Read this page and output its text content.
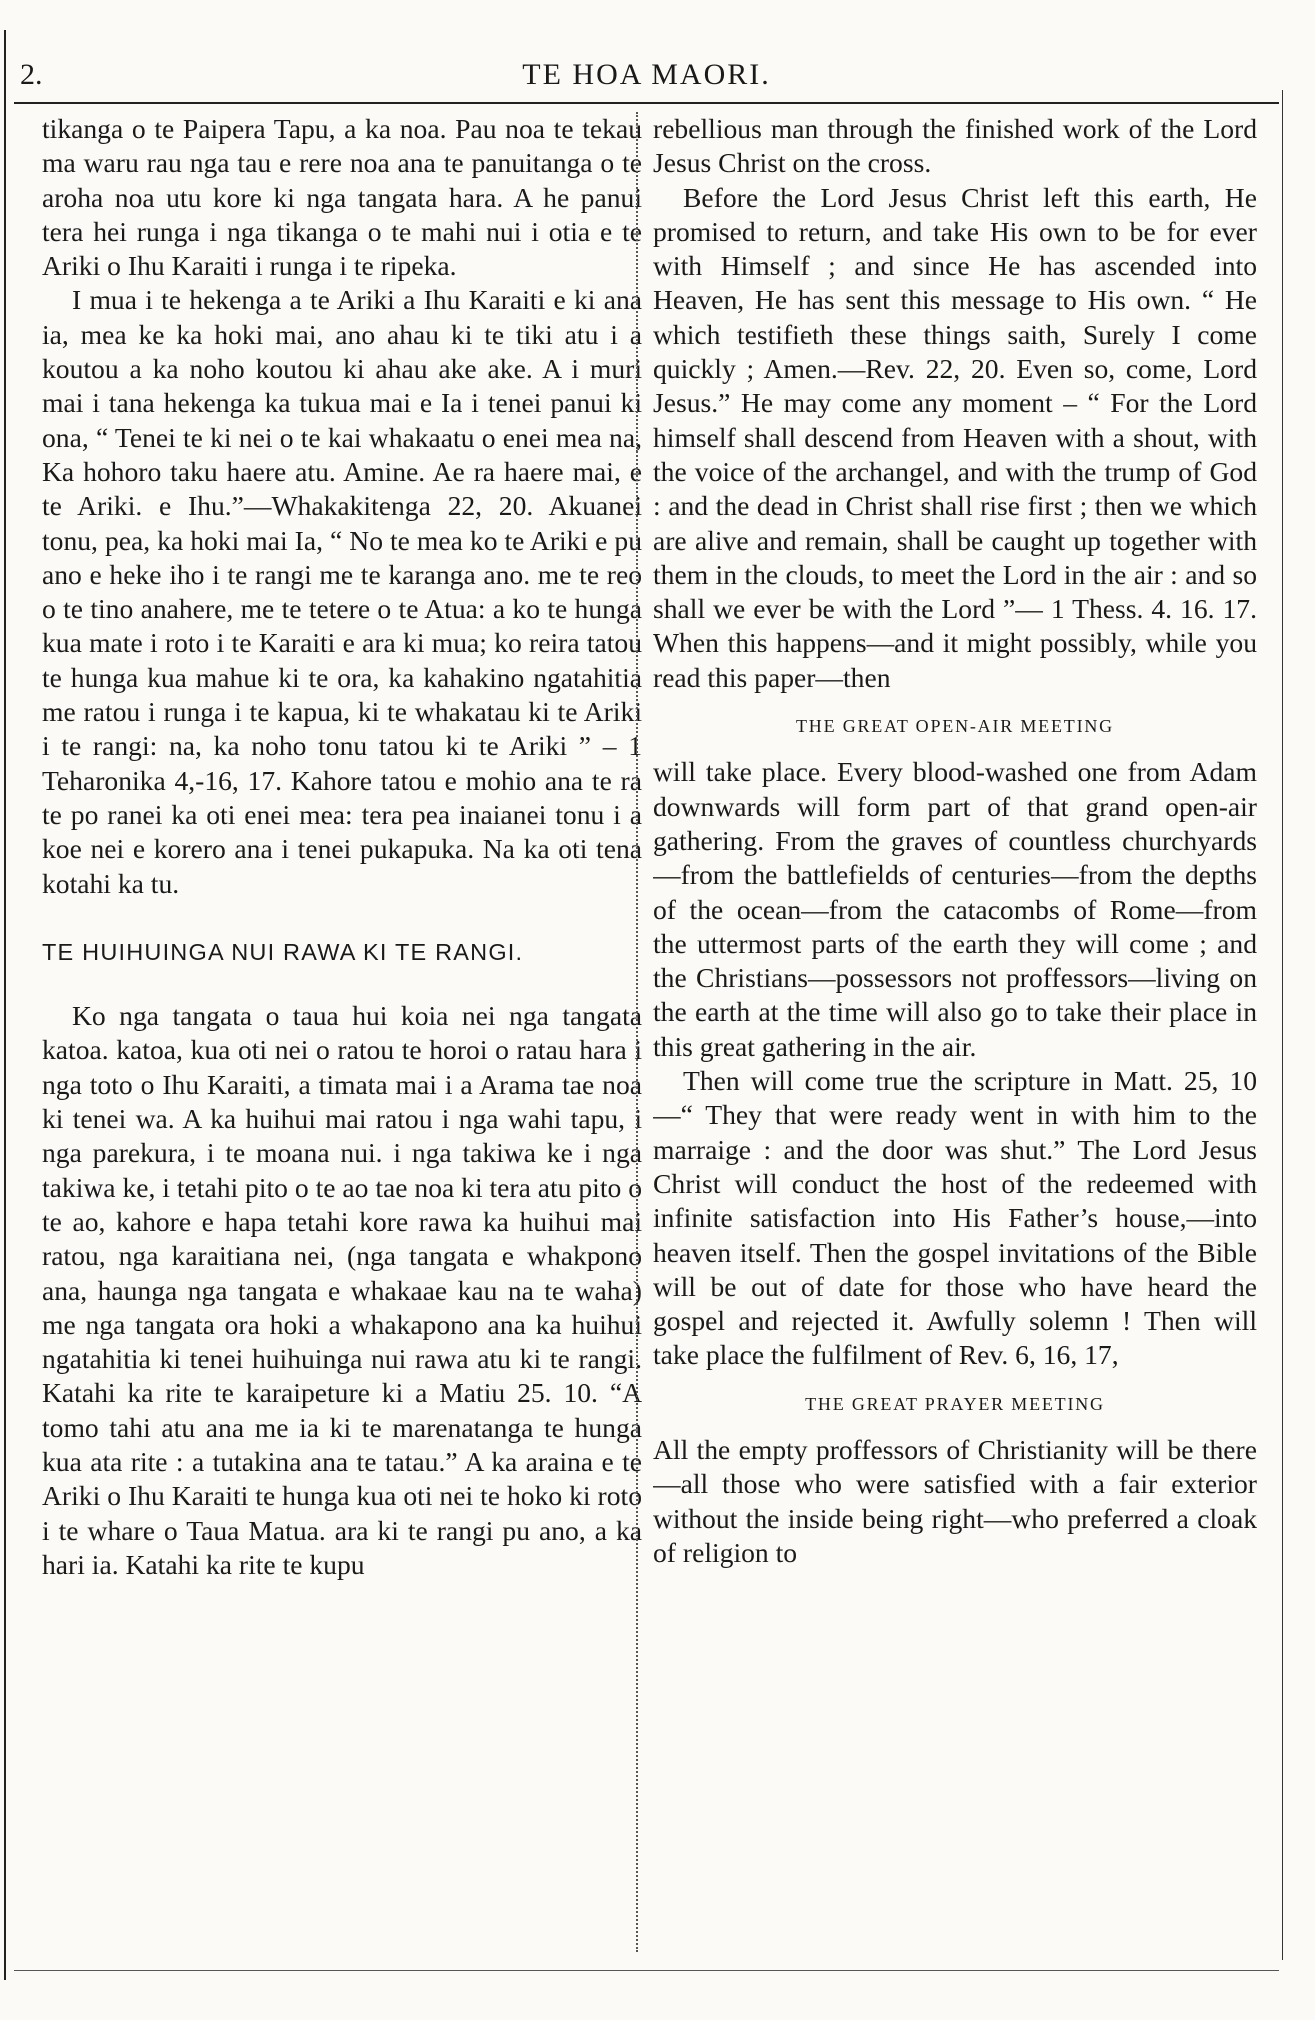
2.	TE HOA MAORI.

tikanga o te Paipera Tapu, a ka noa. Pau noa te tekau ma waru rau nga tau e rere noa ana te panuitanga o te aroha noa utu kore ki nga tangata hara. A he panui tera hei runga i nga tikanga o te mahi nui i otia e te Ariki o Ihu Karaiti i runga i te ripeka.

I mua i te hekenga a te Ariki a Ihu Karaiti e ki ana ia, mea ke ka hoki mai, ano ahau ki te tiki atu i a koutou a ka noho koutou ki ahau ake ake. A i muri mai i tana hekenga ka tukua mai e Ia i tenei panui ki ona, “ Tenei te ki nei o te kai whakaatu o enei mea na, Ka hohoro taku haere atu. Amine. Ae ra haere mai, e te Ariki. e Ihu.”—Whakakitenga 22, 20. Akuanei tonu, pea, ka hoki mai Ia, “ No te mea ko te Ariki e pu ano e heke iho i te rangi me te karanga ano. me te reo o te tino anahere, me te tetere o te Atua: a ko te hunga kua mate i roto i te Karaiti e ara ki mua; ko reira tatou te hunga kua mahue ki te ora, ka kahakino ngatahitia me ratou i runga i te kapua, ki te whakatau ki te Ariki i te rangi: na, ka noho tonu tatou ki te Ariki ” – 1 Teharonika 4,-16, 17. Kahore tatou e mohio ana te ra te po ranei ka oti enei mea: tera pea inaianei tonu i a koe nei e korero ana i tenei pukapuka. Na ka oti tena kotahi ka tu.

TE HUIHUINGA NUI RAWA KI TE RANGI.

Ko nga tangata o taua hui koia nei nga tangata katoa. katoa, kua oti nei o ratou te horoi o ratau hara i nga toto o Ihu Karaiti, a timata mai i a Arama tae noa ki tenei wa. A ka huihui mai ratou i nga wahi tapu, i nga parekura, i te moana nui. i nga takiwa ke i nga takiwa ke, i tetahi pito o te ao tae noa ki tera atu pito o te ao, kahore e hapa tetahi kore rawa ka huihui mai ratou, nga karaitiana nei, (nga tangata e whakpono ana, haunga nga tangata e whakaae kau na te waha) me nga tangata ora hoki a whakapono ana ka huihui ngatahitia ki tenei huihuinga nui rawa atu ki te rangi. Katahi ka rite te karaipeture ki a Matiu 25. 10. “A tomo tahi atu ana me ia ki te marenatanga te hunga kua ata rite : a tutakina ana te tatau.” A ka araina e te Ariki o Ihu Karaiti te hunga kua oti nei te hoko ki roto i te whare o Taua Matua. ara ki te rangi pu ano, a ka hari ia. Katahi ka rite te kupu

rebellious man through the finished work of the Lord Jesus Christ on the cross.

Before the Lord Jesus Christ left this earth, He promised to return, and take His own to be for ever with Himself ; and since He has ascended into Heaven, He has sent this message to His own. “ He which testifieth these things saith, Surely I come quickly ; Amen.—Rev. 22, 20. Even so, come, Lord Jesus.” He may come any moment – “ For the Lord himself shall descend from Heaven with a shout, with the voice of the archangel, and with the trump of God : and the dead in Christ shall rise first ; then we which are alive and remain, shall be caught up together with them in the clouds, to meet the Lord in the air : and so shall we ever be with the Lord ”— 1 Thess. 4. 16. 17. When this happens—and it might possibly, while you read this paper—then

THE GREAT OPEN-AIR MEETING

will take place. Every blood-washed one from Adam downwards will form part of that grand open-air gathering. From the graves of countless churchyards—from the battlefields of centuries—from the depths of the ocean—from the catacombs of Rome—from the uttermost parts of the earth they will come ; and the Christians—possessors not proffessors—living on the earth at the time will also go to take their place in this great gathering in the air.

Then will come true the scripture in Matt. 25, 10—“ They that were ready went in with him to the marraige : and the door was shut.” The Lord Jesus Christ will conduct the host of the redeemed with infinite satisfaction into His Father’s house,—into heaven itself. Then the gospel invitations of the Bible will be out of date for those who have heard the gospel and rejected it. Awfully solemn ! Then will take place the fulfilment of Rev. 6, 16, 17,

THE GREAT PRAYER MEETING

All the empty proffessors of Christianity will be there—all those who were satisfied with a fair exterior without the inside being right—who preferred a cloak of religion to
